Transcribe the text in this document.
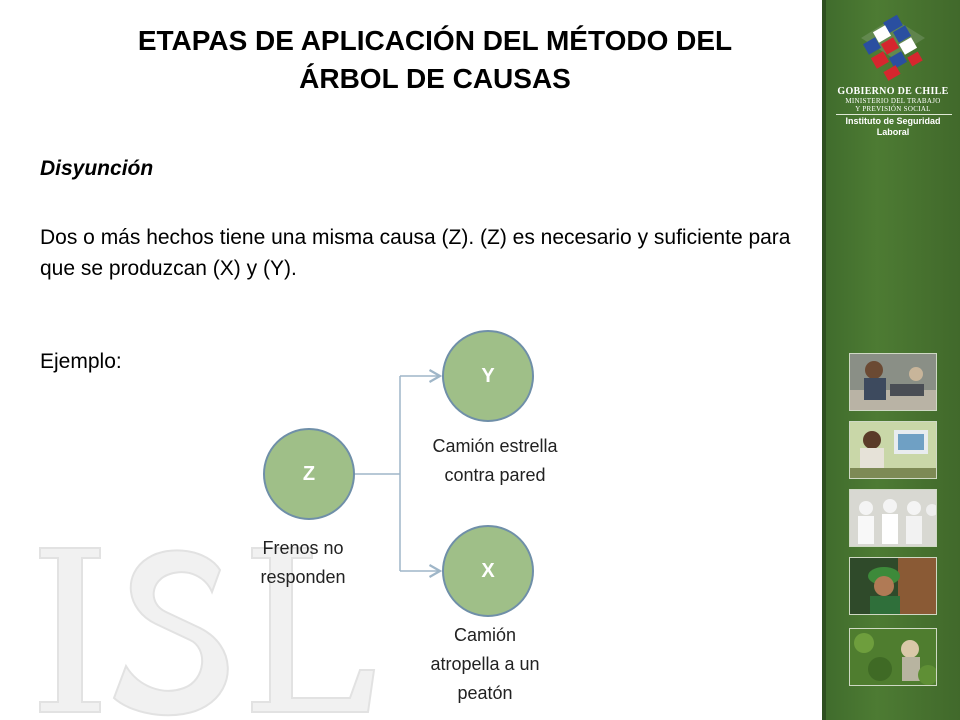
ETAPAS DE APLICACIÓN DEL MÉTODO DEL
ÁRBOL DE CAUSAS
Disyunción
Dos o más hechos tiene una misma causa (Z). (Z) es necesario y suficiente para que se produzcan (X) y (Y).
Ejemplo:
Z
Y
X
Frenos no
responden
Camión estrella
contra pared
Camión
atropella a un
peatón
GOBIERNO DE CHILE
MINISTERIO DEL TRABAJO
Y PREVISIÓN SOCIAL
Instituto de Seguridad
Laboral
